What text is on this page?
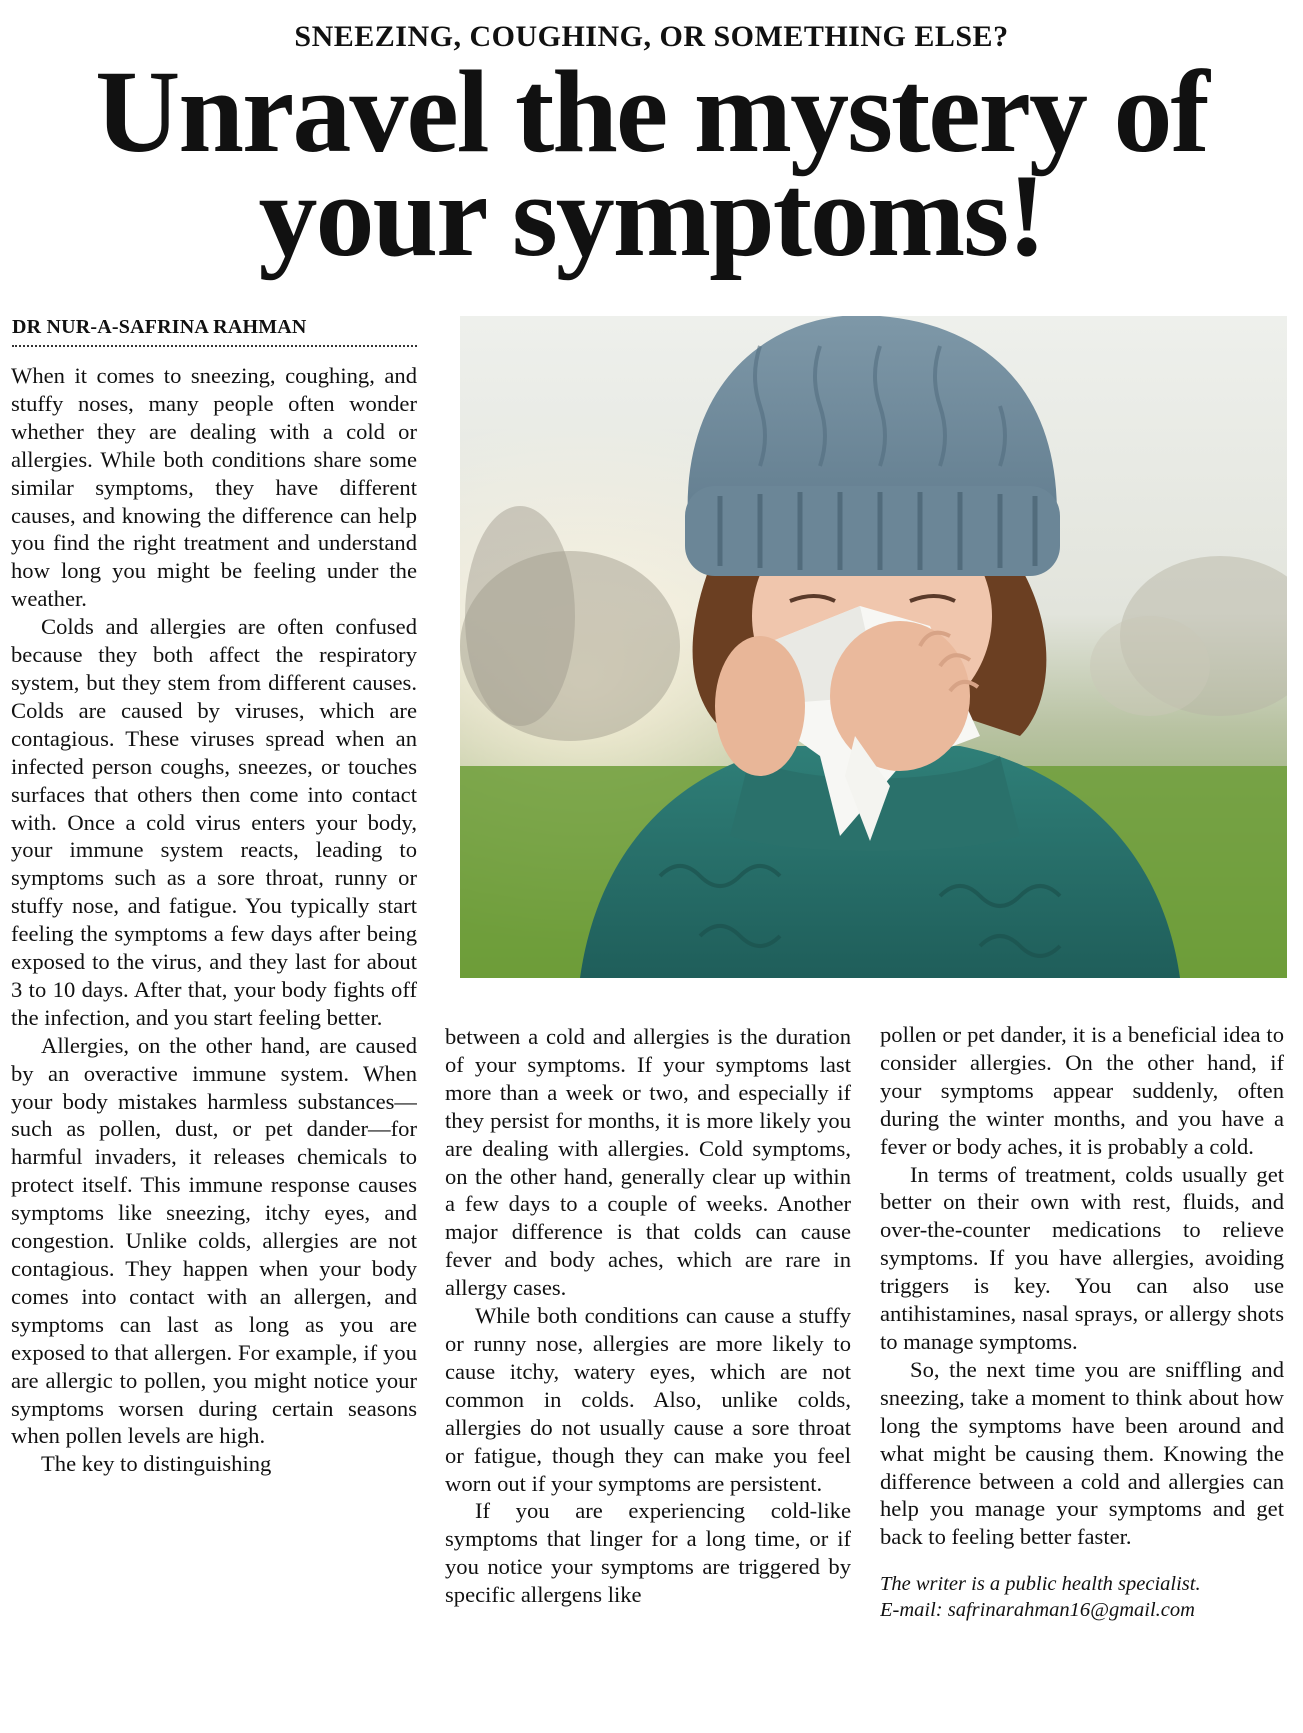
SNEEZING, COUGHING, OR SOMETHING ELSE?
Unravel the mystery of
your symptoms!
DR NUR-A-SAFRINA RAHMAN

When it comes to sneezing, coughing, and stuffy noses, many people often wonder whether they are dealing with a cold or allergies. While both conditions share some similar symptoms, they have different causes, and knowing the difference can help you find the right treatment and understand how long you might be feeling under the weather.

Colds and allergies are often confused because they both affect the respiratory system, but they stem from different causes. Colds are caused by viruses, which are contagious. These viruses spread when an infected person coughs, sneezes, or touches surfaces that others then come into contact with. Once a cold virus enters your body, your immune system reacts, leading to symptoms such as a sore throat, runny or stuffy nose, and fatigue. You typically start feeling the symptoms a few days after being exposed to the virus, and they last for about 3 to 10 days. After that, your body fights off the infection, and you start feeling better.

Allergies, on the other hand, are caused by an overactive immune system. When your body mistakes harmless substances—such as pollen, dust, or pet dander—for harmful invaders, it releases chemicals to protect itself. This immune response causes symptoms like sneezing, itchy eyes, and congestion. Unlike colds, allergies are not contagious. They happen when your body comes into contact with an allergen, and symptoms can last as long as you are exposed to that allergen. For example, if you are allergic to pollen, you might notice your symptoms worsen during certain seasons when pollen levels are high.

The key to distinguishing

between a cold and allergies is the duration of your symptoms. If your symptoms last more than a week or two, and especially if they persist for months, it is more likely you are dealing with allergies. Cold symptoms, on the other hand, generally clear up within a few days to a couple of weeks. Another major difference is that colds can cause fever and body aches, which are rare in allergy cases.

While both conditions can cause a stuffy or runny nose, allergies are more likely to cause itchy, watery eyes, which are not common in colds. Also, unlike colds, allergies do not usually cause a sore throat or fatigue, though they can make you feel worn out if your symptoms are persistent.

If you are experiencing cold-like symptoms that linger for a long time, or if you notice your symptoms are triggered by specific allergens like

pollen or pet dander, it is a beneficial idea to consider allergies. On the other hand, if your symptoms appear suddenly, often during the winter months, and you have a fever or body aches, it is probably a cold.

In terms of treatment, colds usually get better on their own with rest, fluids, and over-the-counter medications to relieve symptoms. If you have allergies, avoiding triggers is key. You can also use antihistamines, nasal sprays, or allergy shots to manage symptoms.

So, the next time you are sniffling and sneezing, take a moment to think about how long the symptoms have been around and what might be causing them. Knowing the difference between a cold and allergies can help you manage your symptoms and get back to feeling better faster.

The writer is a public health specialist.
E-mail: safrinarahman16@gmail.com
